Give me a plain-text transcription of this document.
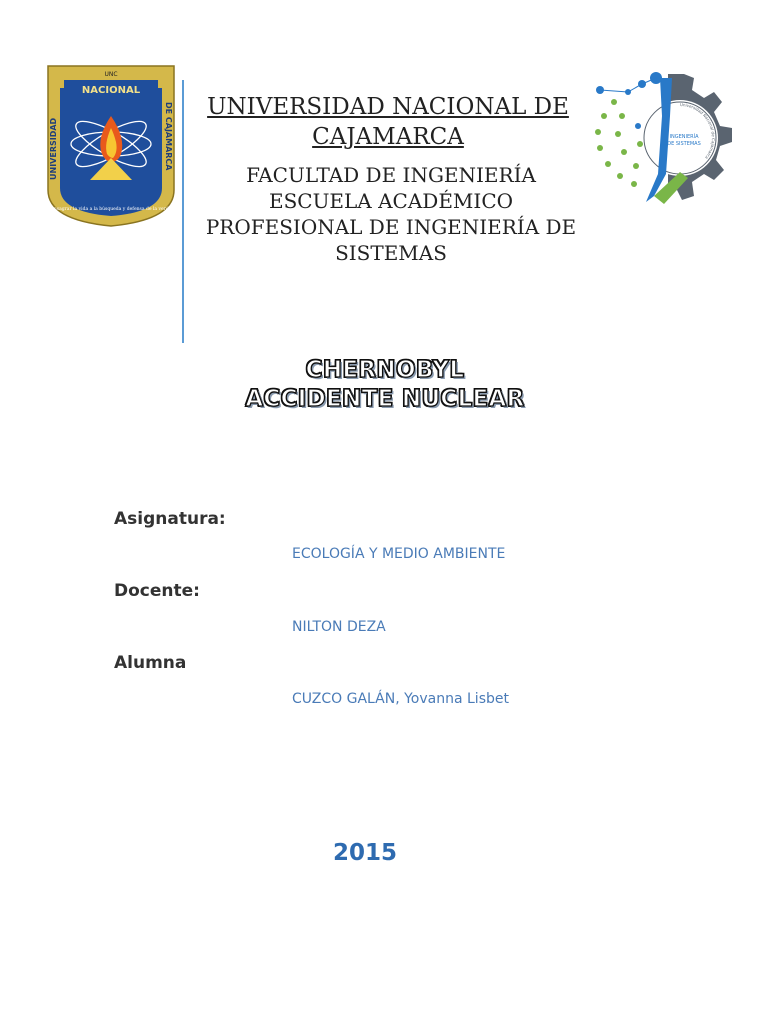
UNC
NACIONAL
UNIVERSIDAD	DE CAJAMARCA
Consagrar la vida a la búsqueda y defensa de la verdad
UNIVERSIDAD NACIONAL DE
CAJAMARCA
FACULTAD DE INGENIERÍA
ESCUELA ACADÉMICO
PROFESIONAL DE INGENIERÍA DE
SISTEMAS
Universidad Nacional de Cajamarca
INGENIERÍA
DE SISTEMAS
CHERNOBYL
ACCIDENTE NUCLEAR
Asignatura:
ECOLOGÍA Y MEDIO AMBIENTE
Docente:
NILTON DEZA
Alumna
CUZCO GALÁN, Yovanna Lisbet
2015
